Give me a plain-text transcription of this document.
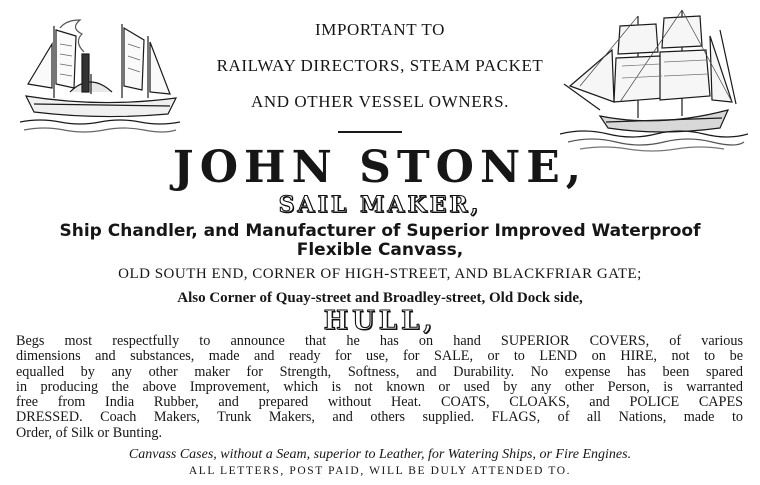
IMPORTANT TO
RAILWAY DIRECTORS, STEAM PACKET
AND OTHER VESSEL OWNERS.
JOHN STONE,
SAIL MAKER,
Ship Chandler, and Manufacturer of Superior Improved Waterproof
Flexible Canvass,
OLD SOUTH END, CORNER OF HIGH-STREET, AND BLACKFRIAR GATE;
Also Corner of Quay-street and Broadley-street, Old Dock side,
HULL,
Begs most respectfully to announce that he has on hand SUPERIOR COVERS, of various
dimensions and substances, made and ready for use, for SALE, or to LEND on HIRE, not to be
equalled by any other maker for Strength, Softness, and Durability. No expense has been spared
in producing the above Improvement, which is not known or used by any other Person, is warranted
free from India Rubber, and prepared without Heat. COATS, CLOAKS, and POLICE CAPES
DRESSED. Coach Makers, Trunk Makers, and others supplied. FLAGS, of all Nations, made to
Order, of Silk or Bunting.
Canvass Cases, without a Seam, superior to Leather, for Watering Ships, or Fire Engines.
ALL LETTERS, POST PAID, WILL BE DULY ATTENDED TO.
